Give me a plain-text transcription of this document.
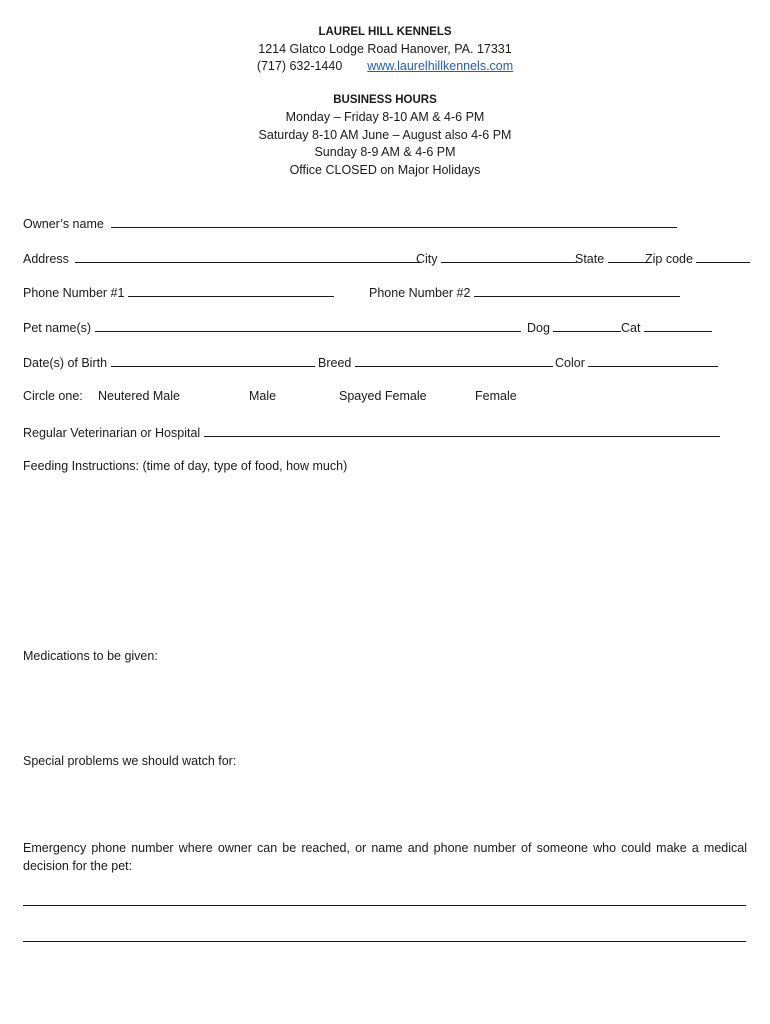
LAUREL HILL KENNELS
1214 Glatco Lodge Road Hanover, PA. 17331
(717) 632-1440 www.laurelhillkennels.com
BUSINESS HOURS
Monday – Friday 8-10 AM & 4-6 PM
Saturday 8-10 AM June – August also 4-6 PM
Sunday 8-9 AM & 4-6 PM
Office CLOSED on Major Holidays
Owner’s name
Address	City	State	Zip code
Phone Number #1	Phone Number #2
Pet name(s)	Dog	Cat
Date(s) of Birth	Breed	Color
Circle one: Neutered Male	Male	Spayed Female	Female
Regular Veterinarian or Hospital
Feeding Instructions: (time of day, type of food, how much)
Medications to be given:
Special problems we should watch for:
Emergency phone number where owner can be reached, or name and phone number of someone who could make a medical decision for the pet:
